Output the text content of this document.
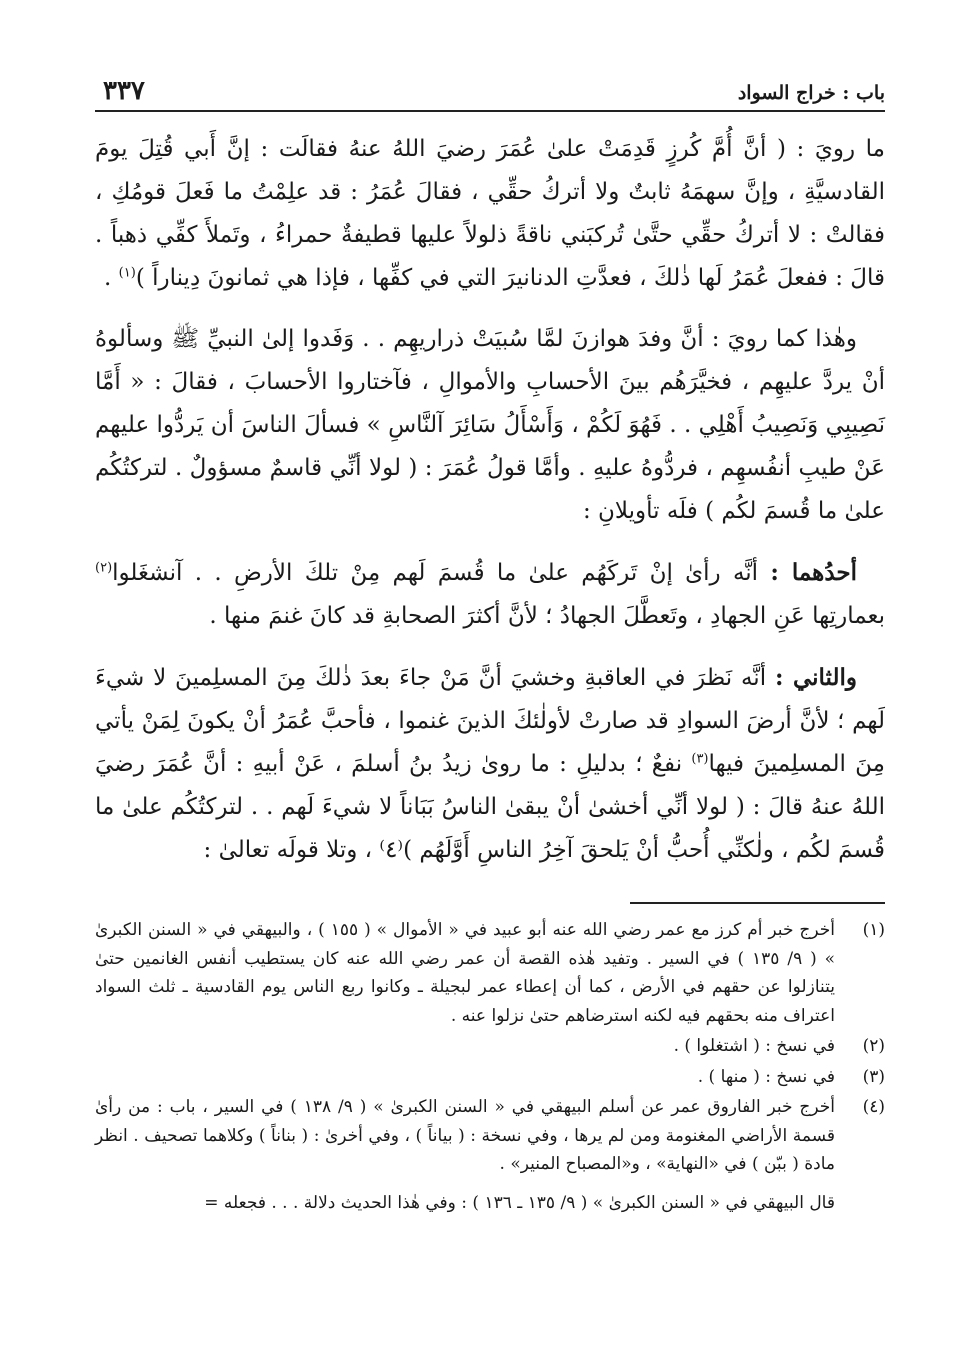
باب : خراج السواد
٣٣٧

ما رويَ : ( أنَّ أُمَّ كُرزٍ قَدِمَتْ علىٰ عُمَرَ رضيَ اللهُ عنهُ فقالَت : إنَّ أَبي قُتِلَ يومَ القادسيَّةِ ، وإنَّ سهمَهُ ثابتٌ ولا أتركُ حقِّي ، فقالَ عُمَرُ : قد علِمْتُ ما فَعلَ قومُكِ ، فقالتْ : لا أتركُ حقِّي حتَّىٰ تُركبَني ناقةً ذلولاً عليها قطيفةٌ حمراءُ ، وتَملأَ كفِّي ذهباً . قالَ : ففعلَ عُمَرُ لَها ذٰلكَ ، فعدَّتِ الدنانيرَ التي في كفِّها ، فإذا هي ثمانونَ دِيناراً )$^{(١)}$ .

وهٰذا كما رويَ : أنَّ وفدَ هوازنَ لمَّا سُبيَتْ ذراريهِم . . وَفَدوا إلىٰ النبيِّ ﷺ وسألوهُ أنْ يردَّ عليهِم ، فخيَّرَهُم بينَ الأحسابِ والأموالِ ، فآختاروا الأحسابَ ، فقالَ : « أَمَّا نَصِيبِي وَنَصِيبُ أَهْلِي . . فَهُوَ لَكُمْ ، وَأَسْأَلُ سَائِرَ آلنَّاسِ » فسألَ الناسَ أن يَردُّوا عليهم عَنْ طيبِ أنفُسهِم ، فردُّوهُ عليهِ . وأمَّا قولُ عُمَرَ : ( لولا أنِّي قاسمٌ مسؤولٌ . لتركتُكُم علىٰ ما قُسمَ لكُم ) فلَه تأويلانِ :

أحدُهما : أنَّه رأىٰ إنْ تَركَهُم علىٰ ما قُسمَ لَهم مِنْ تلكَ الأرضِ . . آنشغَلوا$^{(٢)}$ بعمارتِها عَنِ الجهادِ ، وتَعطَّلَ الجهادُ ؛ لأنَّ أكثرَ الصحابةِ قد كانَ غنمَ منها .

والثاني : أنَّه نَظرَ في العاقبةِ وخشيَ أنَّ مَنْ جاءَ بعدَ ذٰلكَ مِنَ المسلِمينَ لا شيءَ لَهم ؛ لأنَّ أرضَ السوادِ قد صارتْ لأولٰئكَ الذينَ غنموا ، فأحبَّ عُمَرُ أنْ يكونَ لِمَنْ يأتي مِنَ المسلِمينَ فيها$^{(٣)}$ نفعٌ ؛ بدليلِ : ما روىٰ زيدُ بنُ أسلمَ ، عَنْ أبيهِ : أنَّ عُمَرَ رضيَ اللهُ عنهُ قالَ : ( لولا أنِّي أخشىٰ أنْ يبقىٰ الناسُ بَبَاناً لا شيءَ لَهم . . لتركتُكُم علىٰ ما قُسمَ لكُم ، ولٰكنِّي أُحبُّ أنْ يَلحقَ آخِرُ الناسِ أَوَّلَهُم )⁽٤⁾ ، وتلا قولَه تعالىٰ :

(١)
أخرج خبر أم كرز مع عمر رضي الله عنه أبو عبيد في « الأموال » ( ١٥٥ ) ، والبيهقي في « السنن الكبرىٰ » ( ٩/ ١٣٥ ) في السير . وتفيد هٰذه القصة أن عمر رضي الله عنه كان يستطيب أنفس الغانمين حتىٰ يتنازلوا عن حقهم في الأرض ، كما أن إعطاء عمر لبجيلة ـ وكانوا ربع الناس يوم القادسية ـ ثلث السواد اعتراف منه بحقهم فيه لكنه استرضاهم حتىٰ نزلوا عنه .
(٢)
في نسخ : ( اشتغلوا ) .
(٣)
في نسخ : ( منها ) .
(٤)
أخرج خبر الفاروق عمر عن أسلم البيهقي في « السنن الكبرىٰ » ( ٩/ ١٣٨ ) في السير ، باب : من رأىٰ قسمة الأراضي المغنومة ومن لم يرها ، وفي نسخة : ( بياناً ) ، وفي أخرىٰ : ( بناناً ) وكلاهما تصحيف . انظر مادة ( ببّن ) في «النهاية» ، و«المصباح المنير» .
قال البيهقي في « السنن الكبرىٰ » ( ٩/ ١٣٥ ـ ١٣٦ ) : وفي هٰذا الحديث دلالة . . . فجعله =
